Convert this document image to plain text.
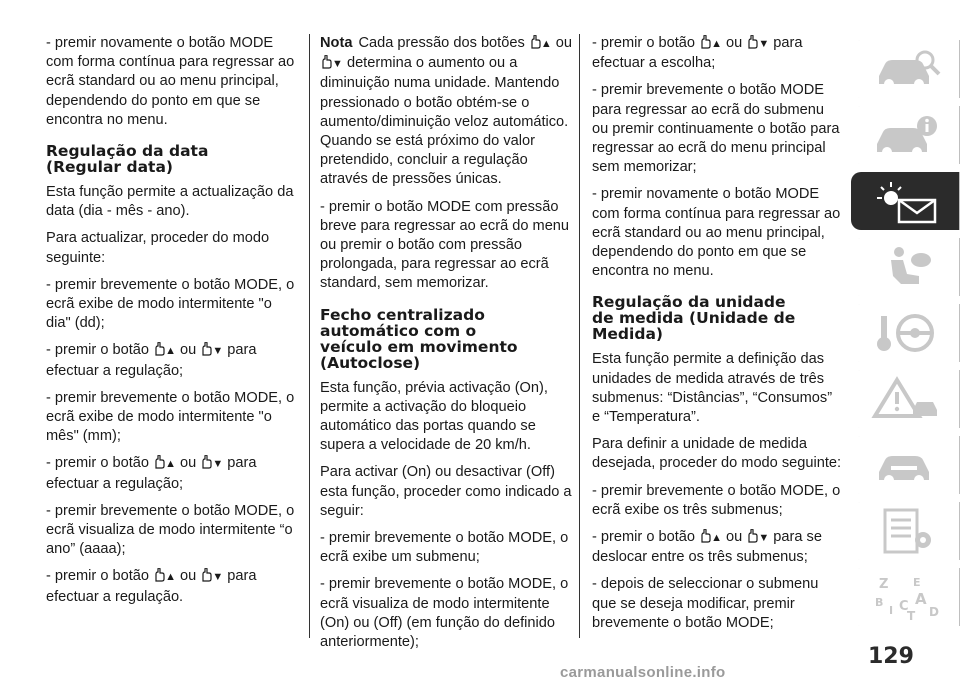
- premir novamente o botão MODE com forma contínua para regressar ao ecrã standard ou ao menu principal, dependendo do ponto em que se encontra no menu.

Regulação da data
(Regular data)

Esta função permite a actualização da data (dia - mês - ano).

Para actualizar, proceder do modo seguinte:

- premir brevemente o botão MODE, o ecrã exibe de modo intermitente "o dia" (dd);

- premir o botão ▲ ou ▼ para efectuar a regulação;

- premir brevemente o botão MODE, o ecrã exibe de modo intermitente "o mês" (mm);

- premir o botão ▲ ou ▼ para efectuar a regulação;

- premir brevemente o botão MODE, o ecrã visualiza de modo intermitente “o ano” (aaaa);

- premir o botão ▲ ou ▼ para efectuar a regulação.

Nota Cada pressão dos botões ▲ ou ▼ determina o aumento ou a diminuição numa unidade. Mantendo pressionado o botão obtém-se o aumento/diminuição veloz automático. Quando se está próximo do valor pretendido, concluir a regulação através de pressões únicas.

- premir o botão MODE com pressão breve para regressar ao ecrã do menu ou premir o botão com pressão prolongada, para regressar ao ecrã standard, sem memorizar.

Fecho centralizado
automático com o
veículo em movimento
(Autoclose)

Esta função, prévia activação (On), permite a activação do bloqueio automático das portas quando se supera a velocidade de 20 km/h.

Para activar (On) ou desactivar (Off) esta função, proceder como indicado a seguir:

- premir brevemente o botão MODE, o ecrã exibe um submenu;

- premir brevemente o botão MODE, o ecrã visualiza de modo intermitente (On) ou (Off) (em função do definido anteriormente);

- premir o botão ▲ ou ▼ para efectuar a escolha;

- premir brevemente o botão MODE para regressar ao ecrã do submenu ou premir continuamente o botão para regressar ao ecrã do menu principal sem memorizar;

- premir novamente o botão MODE com forma contínua para regressar ao ecrã standard ou ao menu principal, dependendo do ponto em que se encontra no menu.

Regulação da unidade
de medida (Unidade de
Medida)

Esta função permite a definição das unidades de medida através de três submenus: “Distâncias”, “Consumos” e “Temperatura”.

Para definir a unidade de medida desejada, proceder do modo seguinte:

- premir brevemente o botão MODE, o ecrã exibe os três submenus;

- premir o botão ▲ ou ▼ para se deslocar entre os três submenus;

- depois de seleccionar o submenu que se deseja modificar, premir brevemente o botão MODE;

Z E
B A
I C
T D
129
carmanualsonline.info
